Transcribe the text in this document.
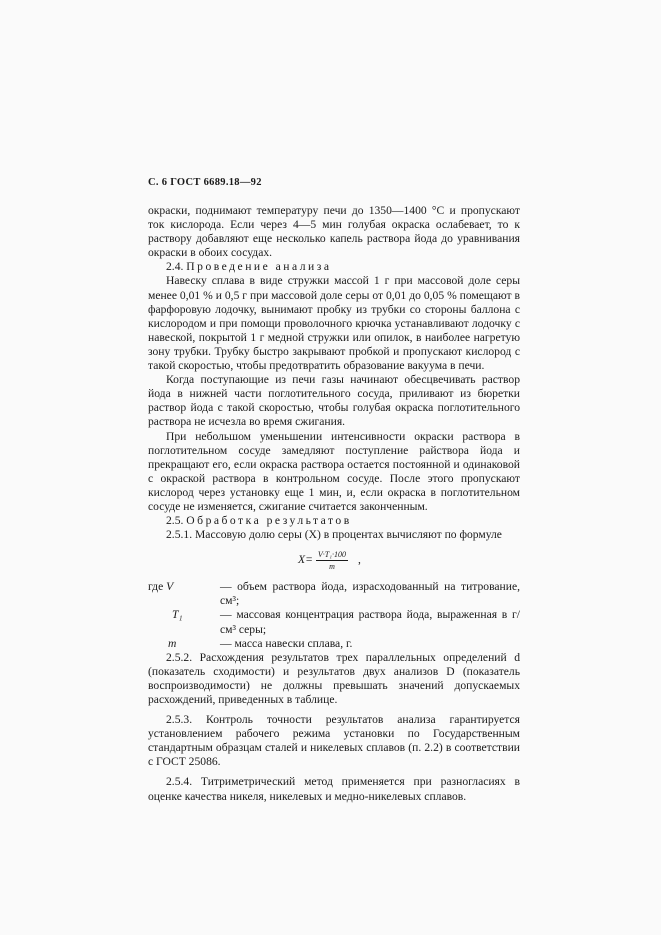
С. 6 ГОСТ 6689.18—92

окраски, поднимают температуру печи до 1350—1400 °С и пропускают ток кислорода. Если через 4—5 мин голубая окраска ослабевает, то к раствору добавляют еще несколько капель раствора йода до уравнивания окраски в обоих сосудах.

2.4. Проведение анализа

Навеску сплава в виде стружки массой 1 г при массовой доле серы менее 0,01 % и 0,5 г при массовой доле серы от 0,01 до 0,05 % помещают в фарфоровую лодочку, вынимают пробку из трубки со стороны баллона с кислородом и при помощи проволочного крючка устанавливают лодочку с навеской, покрытой 1 г медной стружки или опилок, в наиболее нагретую зону трубки. Трубку быстро закрывают пробкой и пропускают кислород с такой скоростью, чтобы предотвратить образование вакуума в печи.

Когда поступающие из печи газы начинают обесцвечивать раствор йода в нижней части поглотительного сосуда, приливают из бюретки раствор йода с такой скоростью, чтобы голубая окраска поглотительного раствора не исчезла во время сжигания.

При небольшом уменьшении интенсивности окраски раствора в поглотительном сосуде замедляют поступление райствора йода и прекращают его, если окраска раствора остается постоянной и одинаковой с окраской раствора в контрольном сосуде. После этого пропускают кислород через установку еще 1 мин, и, если окраска в поглотительном сосуде не изменяется, сжигание считается законченным.

2.5. Обработка результатов

2.5.1. Массовую долю серы (X) в процентах вычисляют по формуле

$X= \frac{\text{V·T₁·100}}{m}$ ,
где V	— объем раствора йода, израсходованный на титрование, см³;
T₁	— массовая концентрация раствора йода, выраженная в г/см³ серы;
m	— масса навески сплава, г.

2.5.2. Расхождения результатов трех параллельных определений d (показатель сходимости) и результатов двух анализов D (показатель воспроизводимости) не должны превышать значений допускаемых расхождений, приведенных в таблице.

2.5.3. Контроль точности результатов анализа гарантируется установлением рабочего режима установки по Государственным стандартным образцам сталей и никелевых сплавов (п. 2.2) в соответствии с ГОСТ 25086.

2.5.4. Титриметрический метод применяется при разногласиях в оценке качества никеля, никелевых и медно-никелевых сплавов.
